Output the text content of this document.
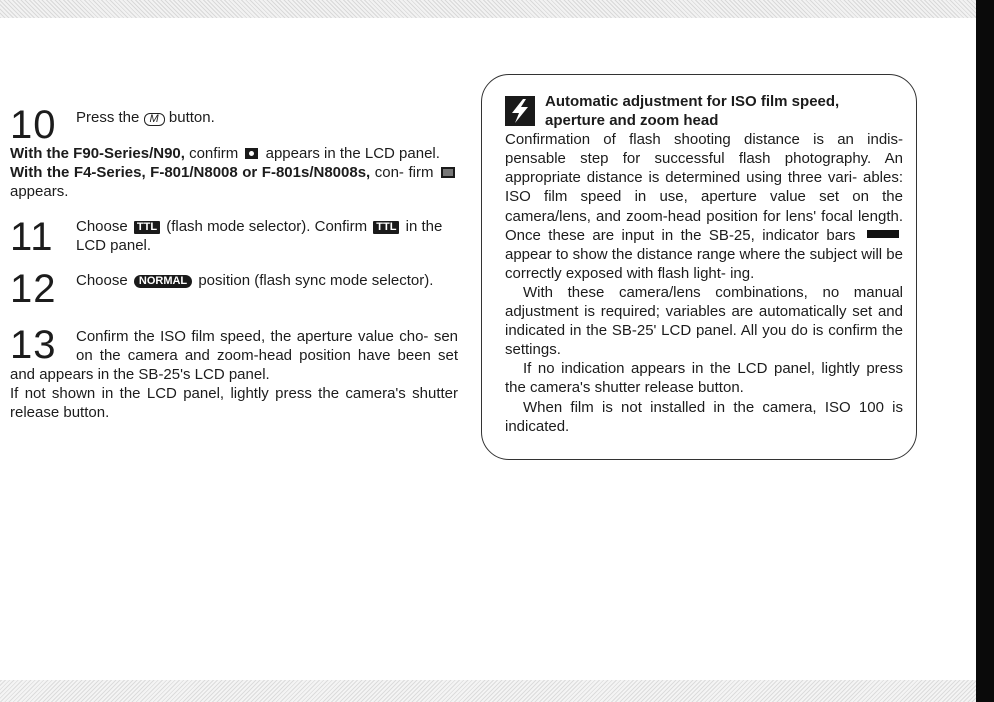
10	Press the M button.

With the F90-Series/N90, confirm appears in the LCD panel.

With the F4-Series, F-801/N8008 or F-801s/N8008s, con- firm
appears.

11	Choose TTL (flash mode selector). Confirm TTL in the LCD panel.
12	Choose NORMAL position (flash sync mode selector).
13	Confirm the ISO film speed, the aperture value cho- sen on the camera and zoom-head position have been set and appears in the SB-25's LCD panel.

If not shown in the LCD panel, lightly press the camera's shutter release button.

Automatic adjustment for ISO film speed,
aperture and zoom head

Confirmation of flash shooting distance is an indis- pensable step for successful flash photography. An appropriate distance is determined using three vari- ables: ISO film speed in use, aperture value set on the camera/lens, and zoom-head position for lens' focal length. Once these are input in the SB-25, indicator bars  appear to show the distance range where the subject will be correctly exposed with flash light- ing.

With these camera/lens combinations, no manual adjustment is required; variables are automatically set and indicated in the SB-25' LCD panel. All you do is confirm the settings.

If no indication appears in the LCD panel, lightly press the camera's shutter release button.

When film is not installed in the camera, ISO 100 is indicated.
